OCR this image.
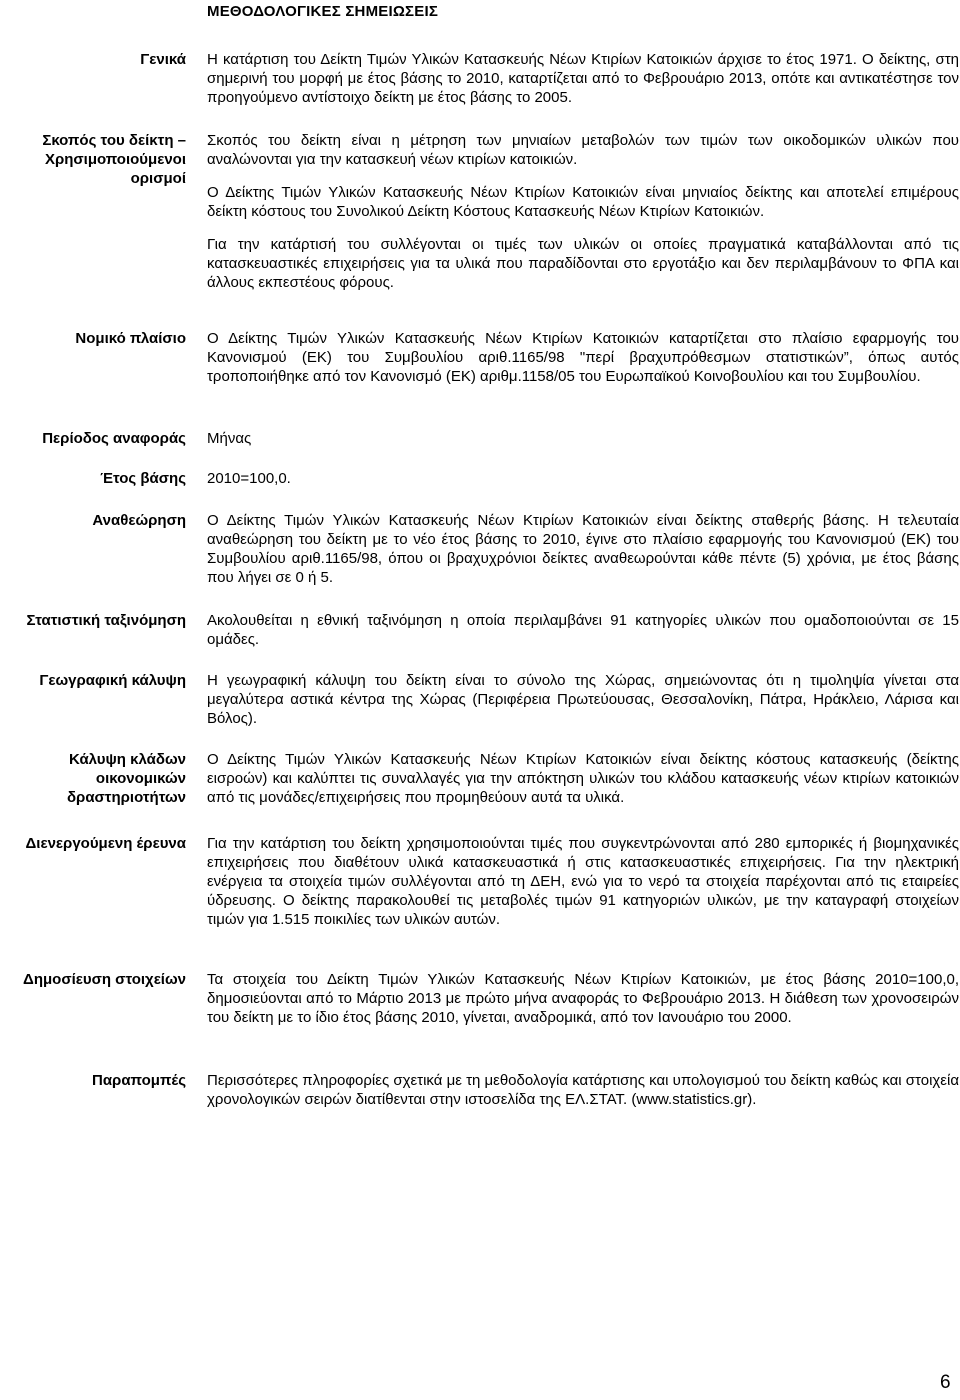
ΜΕΘΟΔΟΛΟΓΙΚΕΣ ΣΗΜΕΙΩΣΕΙΣ
Γενικά Η κατάρτιση του Δείκτη Τιμών Υλικών Κατασκευής Νέων Κτιρίων Κατοικιών άρχισε το έτος 1971. Ο δείκτης, στη σημερινή του μορφή με έτος βάσης το 2010, καταρτίζεται από το Φεβρουάριο 2013, οπότε και αντικατέστησε τον προηγούμενο αντίστοιχο δείκτη με έτος βάσης το 2005.

Σκοπός του δείκτη – Χρησιμοποιούμενοι ορισμοί

Σκοπός του δείκτη είναι η μέτρηση των μηνιαίων μεταβολών των τιμών των οικοδομικών υλικών που αναλώνονται για την κατασκευή νέων κτιρίων κατοικιών.

Ο Δείκτης Τιμών Υλικών Κατασκευής Νέων Κτιρίων Κατοικιών είναι μηνιαίος δείκτης και αποτελεί επιμέρους δείκτη κόστους του Συνολικού Δείκτη Κόστους Κατασκευής Νέων Κτιρίων Κατοικιών.

Για την κατάρτισή του συλλέγονται οι τιμές των υλικών οι οποίες πραγματικά καταβάλλονται από τις κατασκευαστικές επιχειρήσεις για τα υλικά που παραδίδονται στο εργοτάξιο και δεν περιλαμβάνουν το ΦΠΑ και άλλους εκπεστέους φόρους.

Νομικό πλαίσιο Ο Δείκτης Τιμών Υλικών Κατασκευής Νέων Κτιρίων Κατοικιών καταρτίζεται στο πλαίσιο εφαρμογής του Κανονισμού (ΕΚ) του Συμβουλίου αριθ.1165/98 "περί βραχυπρόθεσμων στατιστικών”, όπως αυτός τροποποιήθηκε από τον Κανονισμό (ΕΚ) αριθμ.1158/05 του Ευρωπαϊκού Κοινοβουλίου και του Συμβουλίου.

Περίοδος αναφοράς Μήνας

Έτος βάσης 2010=100,0.

Αναθεώρηση Ο Δείκτης Τιμών Υλικών Κατασκευής Νέων Κτιρίων Κατοικιών είναι δείκτης σταθερής βάσης. Η τελευταία αναθεώρηση του δείκτη με το νέο έτος βάσης το 2010, έγινε στο πλαίσιο εφαρμογής του Κανονισμού (ΕΚ) του Συμβουλίου αριθ.1165/98, όπου οι βραχυχρόνιοι δείκτες αναθεωρούνται κάθε πέντε (5) χρόνια, με έτος βάσης που λήγει σε 0 ή 5.

Στατιστική ταξινόμηση Ακολουθείται η εθνική ταξινόμηση η οποία περιλαμβάνει 91 κατηγορίες υλικών που ομαδοποιούνται σε 15 ομάδες.

Γεωγραφική κάλυψη Η γεωγραφική κάλυψη του δείκτη είναι το σύνολο της Χώρας, σημειώνοντας ότι η τιμοληψία γίνεται στα μεγαλύτερα αστικά κέντρα της Χώρας (Περιφέρεια Πρωτεύουσας, Θεσσαλονίκη, Πάτρα, Ηράκλειο, Λάρισα και Βόλος).

Κάλυψη κλάδων οικονομικών δραστηριοτήτων

Ο Δείκτης Τιμών Υλικών Κατασκευής Νέων Κτιρίων Κατοικιών είναι δείκτης κόστους κατασκευής (δείκτης εισροών) και καλύπτει τις συναλλαγές για την απόκτηση υλικών του κλάδου κατασκευής νέων κτιρίων κατοικιών από τις μονάδες/επιχειρήσεις που προμηθεύουν αυτά τα υλικά.

Διενεργούμενη έρευνα Για την κατάρτιση του δείκτη χρησιμοποιούνται τιμές που συγκεντρώνονται από 280 εμπορικές ή βιομηχανικές επιχειρήσεις που διαθέτουν υλικά κατασκευαστικά ή στις κατασκευαστικές επιχειρήσεις. Για την ηλεκτρική ενέργεια τα στοιχεία τιμών συλλέγονται από τη ΔΕΗ, ενώ για το νερό τα στοιχεία παρέχονται από τις εταιρείες ύδρευσης. Ο δείκτης παρακολουθεί τις μεταβολές τιμών 91 κατηγοριών υλικών, με την καταγραφή στοιχείων τιμών για 1.515 ποικιλίες των υλικών αυτών.

Δημοσίευση στοιχείων Τα στοιχεία του Δείκτη Τιμών Υλικών Κατασκευής Νέων Κτιρίων Κατοικιών, με έτος βάσης 2010=100,0, δημοσιεύονται από το Μάρτιο 2013 με πρώτο μήνα αναφοράς το Φεβρουάριο 2013. Η διάθεση των χρονοσειρών του δείκτη με το ίδιο έτος βάσης 2010, γίνεται, αναδρομικά, από τον Ιανουάριο του 2000.

Παραπομπές Περισσότερες πληροφορίες σχετικά με τη μεθοδολογία κατάρτισης και υπολογισμού του δείκτη καθώς και στοιχεία χρονολογικών σειρών διατίθενται στην ιστοσελίδα της ΕΛ.ΣΤΑΤ. (www.statistics.gr).

6
